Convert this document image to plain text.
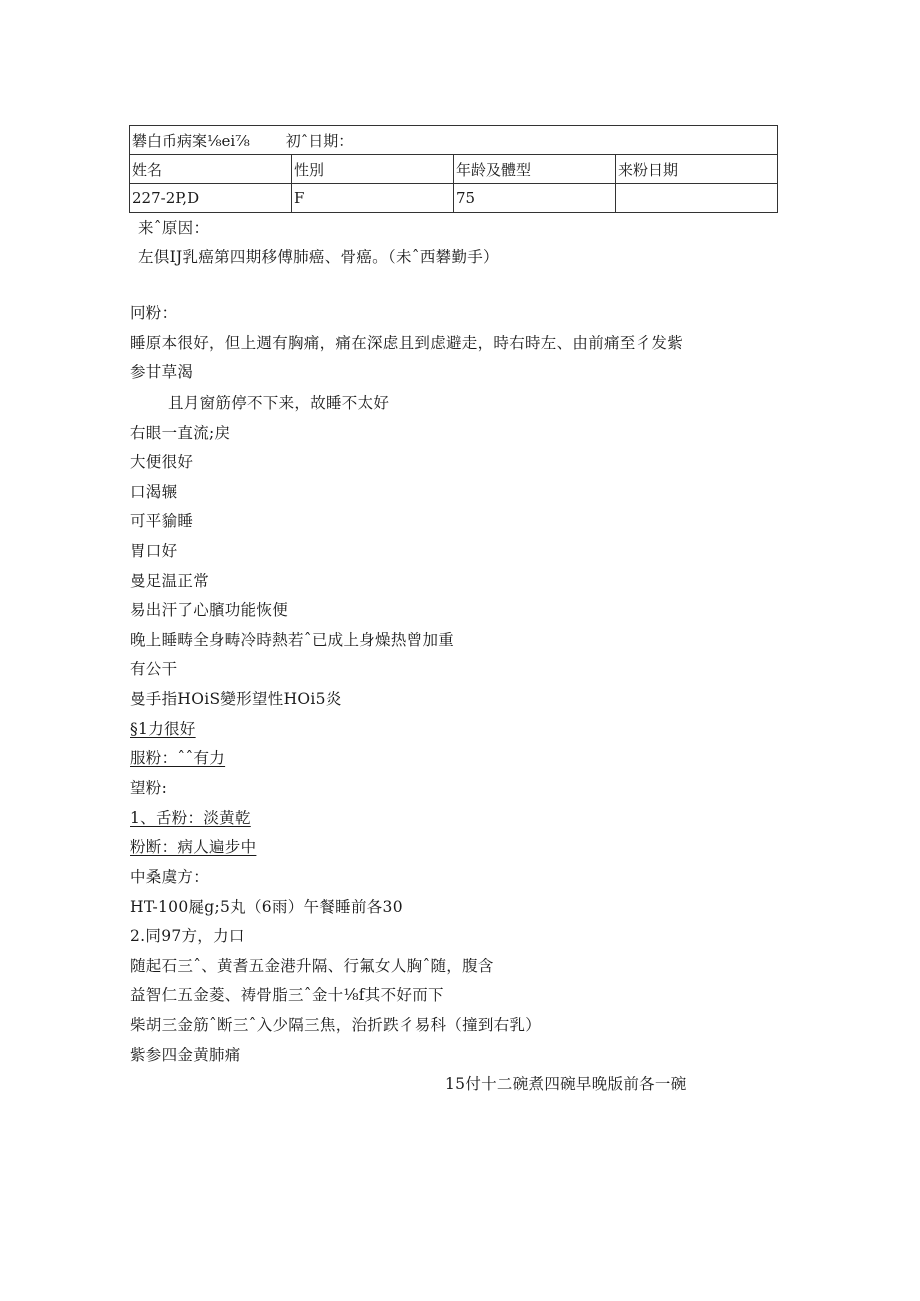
礬白币病案⅛ei⅞ 初ˆ日期：			
姓名	性別	年龄及體型	来粉日期
227-2P,D	F	75	
来ˆ原因：
左倶IJ乳癌第四期移傅肺癌、骨癌。（未ˆ西礬勤手）
冋粉：
睡原本很好，但上週有胸痛，痛在深虑且到虑避走，時右時左、由前痛至彳发紫
参甘草渴
且月窗筋停不下来，故睡不太好
右眼一直流;戻
大便很好
口渴辗
可平貐睡
胃口好
曼足温正常
易出汗了心臏功能恢便
晚上睡畴全身畴冷時熱若ˆ已成上身燥热曾加重
有公干
曼手指HOiS變形望性HOi5炎
§1力很好
服粉：ˆˆ有力
望粉:
1、舌粉：淡黄乾
粉断：病人遍步中
中桑虞方：
HT-100屣g;5丸（6雨）午餐睡前各30
2.同97方，力口
随起石三ˆ、黄耆五金港升隔、行氟女人胸ˆ随，腹含
益智仁五金菱、祷骨脂三ˆ金十⅛f其不好而下
柴胡三金筋ˆ断三ˆ入少隔三焦，治折跌彳易科（撞到右乳）
紫参四金黄肺痛
15付十二碗煮四碗早晚版前各一碗
